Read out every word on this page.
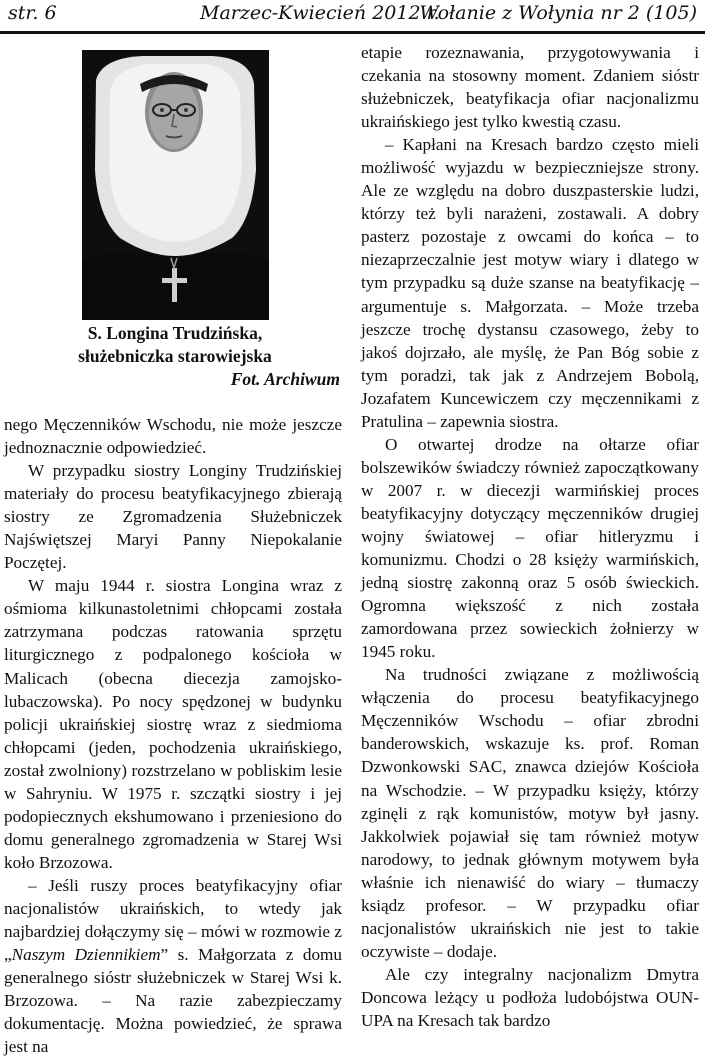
str. 6	Marzec-Kwiecień 2012 r.
Wołanie z Wołynia nr 2 (105)
S. Longina Trudzińska,
służebniczka starowiejska
Fot. Archiwum

nego Męczenników Wschodu, nie może jeszcze jednoznacznie odpowiedzieć.

W przypadku siostry Longiny Trudzińskiej materiały do procesu beatyfikacyjnego zbierają siostry ze Zgromadzenia Służebniczek Najświętszej Maryi Panny Niepokalanie Poczętej.

W maju 1944 r. siostra Longina wraz z ośmioma kilkunastoletnimi chłopcami została zatrzymana podczas ratowania sprzętu liturgicznego z podpalonego kościoła w Malicach (obecna diecezja zamojsko-lubaczowska). Po nocy spędzonej w budynku policji ukraińskiej siostrę wraz z siedmioma chłopcami (jeden, pochodzenia ukraińskiego, został zwolniony) rozstrzelano w pobliskim lesie w Sahryniu. W 1975 r. szczątki siostry i jej podopiecznych ekshumowano i przeniesiono do domu generalnego zgromadzenia w Starej Wsi koło Brzozowa.

– Jeśli ruszy proces beatyfikacyjny ofiar nacjonalistów ukraińskich, to wtedy jak najbardziej dołączymy się – mówi w rozmowie z „Naszym Dziennikiem” s. Małgorzata z domu generalnego sióstr służebniczek w Starej Wsi k. Brzozowa. – Na razie zabezpieczamy dokumentację. Można powiedzieć, że sprawa jest na

etapie rozeznawania, przygotowywania i czekania na stosowny moment. Zdaniem sióstr służebniczek, beatyfikacja ofiar nacjonalizmu ukraińskiego jest tylko kwestią czasu.

– Kapłani na Kresach bardzo często mieli możliwość wyjazdu w bezpieczniejsze strony. Ale ze względu na dobro duszpasterskie ludzi, którzy też byli narażeni, zostawali. A dobry pasterz pozostaje z owcami do końca – to niezaprzeczalnie jest motyw wiary i dlatego w tym przypadku są duże szanse na beatyfikację – argumentuje s. Małgorzata. – Może trzeba jeszcze trochę dystansu czasowego, żeby to jakoś dojrzało, ale myślę, że Pan Bóg sobie z tym poradzi, tak jak z Andrzejem Bobolą, Jozafatem Kuncewiczem czy męczennikami z Pratulina – zapewnia siostra.

O otwartej drodze na ołtarze ofiar bolszewików świadczy również zapoczątkowany w 2007 r. w diecezji warmińskiej proces beatyfikacyjny dotyczący męczenników drugiej wojny światowej – ofiar hitleryzmu i komunizmu. Chodzi o 28 księży warmińskich, jedną siostrę zakonną oraz 5 osób świeckich. Ogromna większość z nich została zamordowana przez sowieckich żołnierzy w 1945 roku.

Na trudności związane z możliwością włączenia do procesu beatyfikacyjnego Męczenników Wschodu – ofiar zbrodni banderowskich, wskazuje ks. prof. Roman Dzwonkowski SAC, znawca dziejów Kościoła na Wschodzie. – W przypadku księży, którzy zginęli z rąk komunistów, motyw był jasny. Jakkolwiek pojawiał się tam również motyw narodowy, to jednak głównym motywem była właśnie ich nienawiść do wiary – tłumaczy ksiądz profesor. – W przypadku ofiar nacjonalistów ukraińskich nie jest to takie oczywiste – dodaje.

Ale czy integralny nacjonalizm Dmytra Doncowa leżący u podłoża ludobójstwa OUN-UPA na Kresach tak bardzo
